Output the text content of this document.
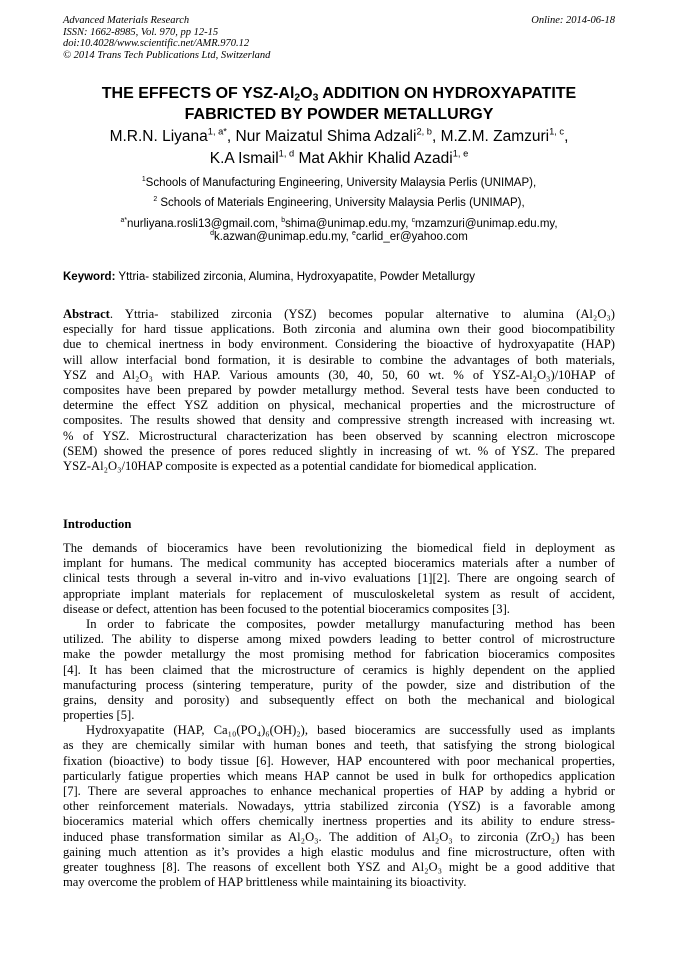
Advanced Materials Research
ISSN: 1662-8985, Vol. 970, pp 12-15
doi:10.4028/www.scientific.net/AMR.970.12
© 2014 Trans Tech Publications Ltd, Switzerland
Online: 2014-06-18
THE EFFECTS OF YSZ-$Al_2O_3$ ADDITION ON HYDROXYAPATITE
FABRICTED BY POWDER METALLURGY
M.R.N. Liyana$^{1, a*}$, Nur Maizatul Shima Adzali$^{2, b}$, M.Z.M. Zamzuri$^{1, c}$,
K.A Ismail$^{1, d}$ Mat Akhir Khalid Azadi$^{1, e}$
$^1$Schools of Manufacturing Engineering, University Malaysia Perlis (UNIMAP),
$^2$ Schools of Materials Engineering, University Malaysia Perlis (UNIMAP),
$^{a*}$nurliyana.rosli13@gmail.com, $^b$shima@unimap.edu.my, $^c$mzamzuri@unimap.edu.my,
$^d$k.azwan@unimap.edu.my, $^e$carlid_er@yahoo.com
Keyword: Yttria- stabilized zirconia, Alumina, Hydroxyapatite, Powder Metallurgy
Abstract. Yttria- stabilized zirconia (YSZ) becomes popular alternative to alumina (Al₂O₃)
especially for hard tissue applications. Both zirconia and alumina own their good biocompatibility
due to chemical inertness in body environment. Considering the bioactive of hydroxyapatite (HAP)
will allow interfacial bond formation, it is desirable to combine the advantages of both materials,
YSZ and Al₂O₃ with HAP. Various amounts (30, 40, 50, 60 wt. % of YSZ-Al₂O₃)/10HAP of
composites have been prepared by powder metallurgy method. Several tests have been conducted to
determine the effect YSZ addition on physical, mechanical properties and the microstructure of
composites. The results showed that density and compressive strength increased with increasing wt.
% of YSZ. Microstructural characterization has been observed by scanning electron microscope
(SEM) showed the presence of pores reduced slightly in increasing of wt. % of YSZ. The prepared
YSZ-Al₂O₃/10HAP composite is expected as a potential candidate for biomedical application.
Introduction
The demands of bioceramics have been revolutionizing the biomedical field in deployment as
implant for humans. The medical community has accepted bioceramics materials after a number of
clinical tests through a several in-vitro and in-vivo evaluations [1][2]. There are ongoing search of
appropriate implant materials for replacement of musculoskeletal system as result of accident,
disease or defect, attention has been focused to the potential bioceramics composites [3].
In order to fabricate the composites, powder metallurgy manufacturing method has been
utilized. The ability to disperse among mixed powders leading to better control of microstructure
make the powder metallurgy the most promising method for fabrication bioceramics composites
[4]. It has been claimed that the microstructure of ceramics is highly dependent on the applied
manufacturing process (sintering temperature, purity of the powder, size and distribution of the
grains, density and porosity) and subsequently effect on both the mechanical and biological
properties [5].
Hydroxyapatite (HAP, Ca₁₀(PO₄)₆(OH)₂), based bioceramics are successfully used as implants
as they are chemically similar with human bones and teeth, that satisfying the strong biological
fixation (bioactive) to body tissue [6]. However, HAP encountered with poor mechanical properties,
particularly fatigue properties which means HAP cannot be used in bulk for orthopedics application
[7]. There are several approaches to enhance mechanical properties of HAP by adding a hybrid or
other reinforcement materials. Nowadays, yttria stabilized zirconia (YSZ) is a favorable among
bioceramics material which offers chemically inertness properties and its ability to endure stress-
induced phase transformation similar as Al₂O₃. The addition of Al₂O₃ to zirconia (ZrO₂) has been
gaining much attention as it’s provides a high elastic modulus and fine microstructure, often with
greater toughness [8]. The reasons of excellent both YSZ and Al₂O₃ might be a good additive that
may overcome the problem of HAP brittleness while maintaining its bioactivity.
